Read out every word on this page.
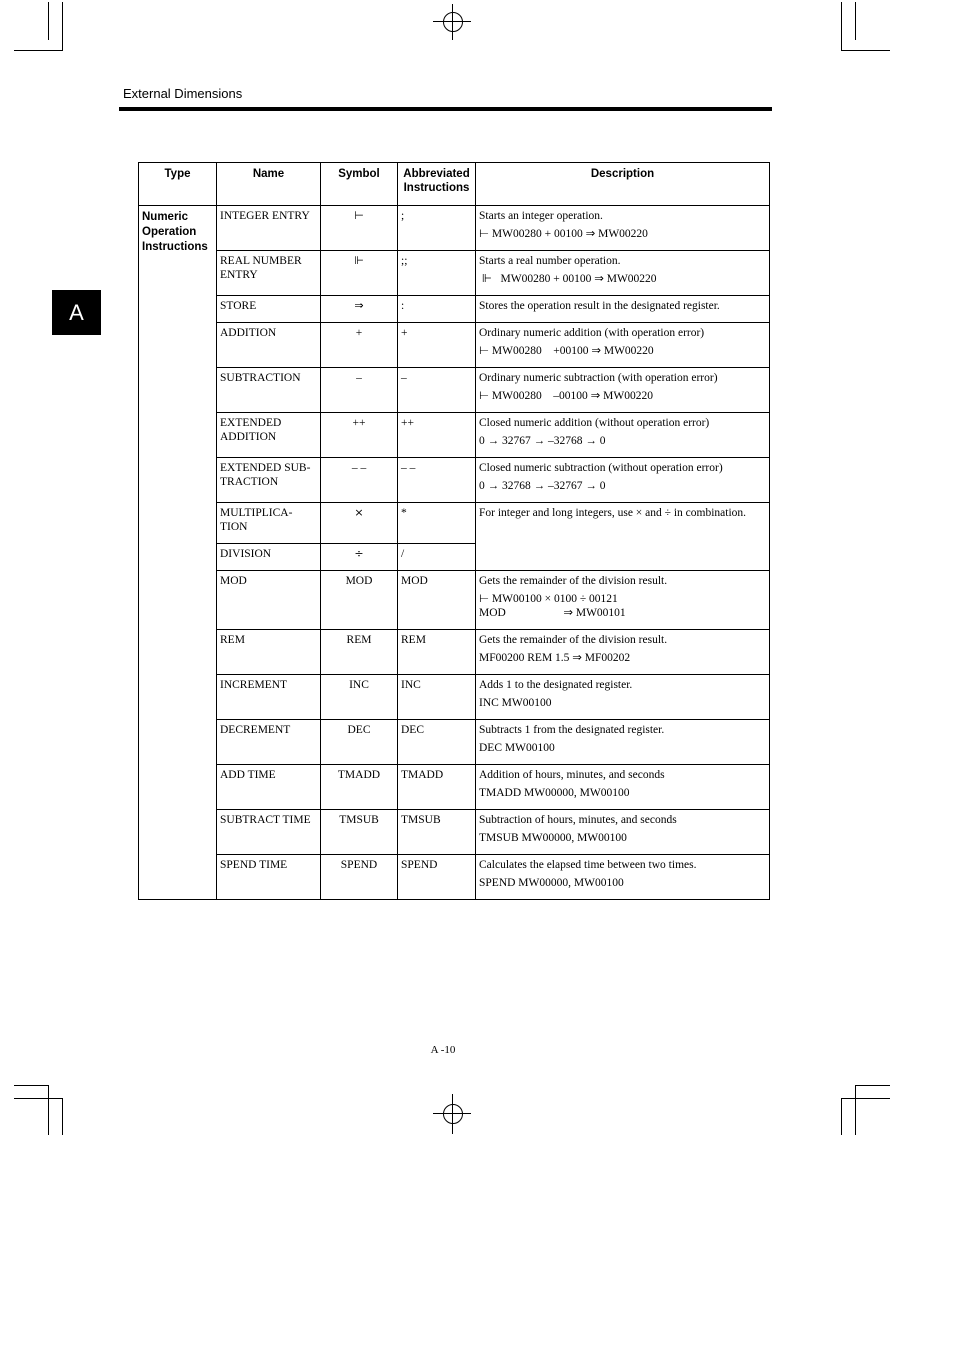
External Dimensions
A
Type	Name	Symbol	Abbreviated Instructions	Description
Numeric Operation Instructions	INTEGER ENTRY	⊢	;	Starts an integer operation.
⊢ MW00280 + 00100 ⇒ MW00220

	REAL NUMBER ENTRY	⊩	;;	Starts a real number operation.
⊩   MW00280 + 00100 ⇒ MW00220

	STORE	⇒	:	Stores the operation result in the designated register.

	ADDITION	+	+	Ordinary numeric addition (with operation error)
⊢ MW00280    +00100 ⇒ MW00220

	SUBTRACTION	–	–	Ordinary numeric subtraction (with operation error)
⊢ MW00280    –00100 ⇒ MW00220

	EXTENDED ADDITION	++	++	Closed numeric addition (without operation error)
0 → 32767 → –32768 → 0

	EXTENDED SUB-TRACTION	– –	– –	Closed numeric subtraction (without operation error)
0 → 32768 → –32767 → 0

	MULTIPLICA-TION	×	*	For integer and long integers, use × and ÷ in combination.

	DIVISION	÷	/	
	MOD	MOD	MOD	Gets the remainder of the division result.
⊢ MW00100 × 0100 ÷ 00121
MOD                    ⇒ MW00101

	REM	REM	REM	Gets the remainder of the division result.
MF00200 REM 1.5 ⇒ MF00202

	INCREMENT	INC	INC	Adds 1 to the designated register.
INC MW00100

	DECREMENT	DEC	DEC	Subtracts 1 from the designated register.
DEC MW00100

	ADD TIME	TMADD	TMADD	Addition of hours, minutes, and seconds
TMADD MW00000, MW00100

	SUBTRACT TIME	TMSUB	TMSUB	Subtraction of hours, minutes, and seconds
TMSUB MW00000, MW00100

	SPEND TIME	SPEND	SPEND	Calculates the elapsed time between two times.
SPEND MW00000, MW00100
A -10
